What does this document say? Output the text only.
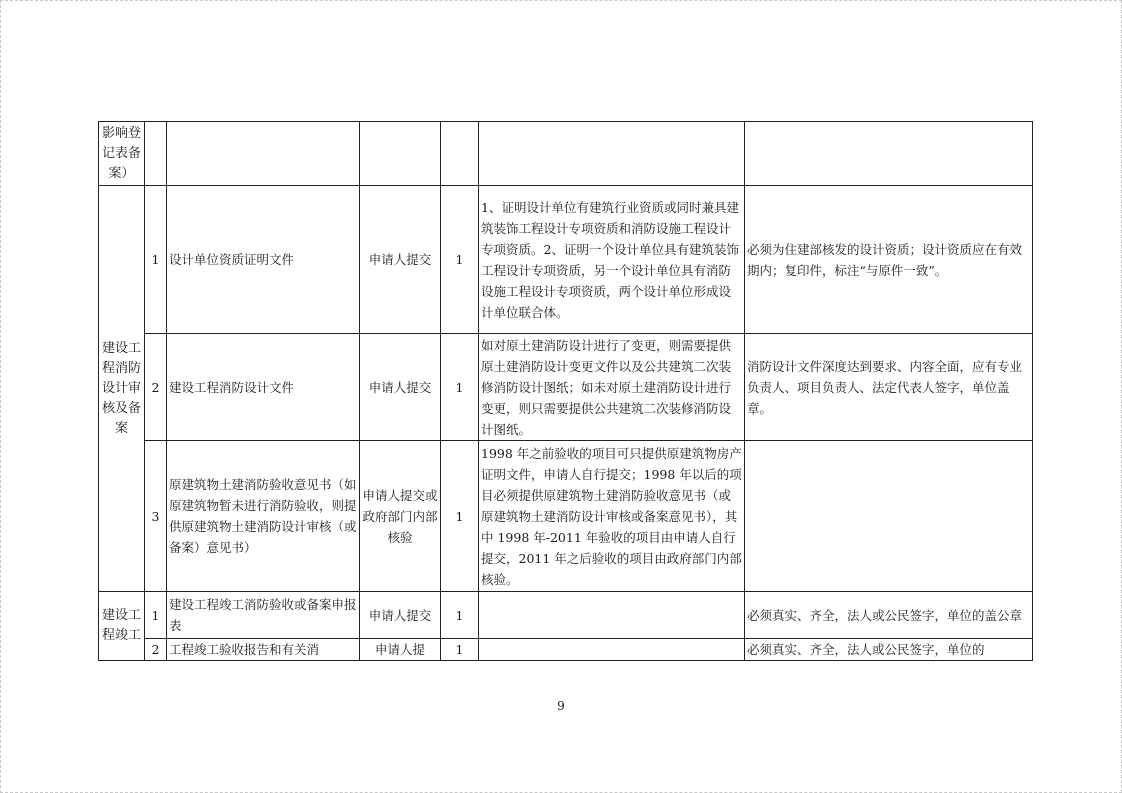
影响登记表备案）						
建设工程消防设计审核及备案	1	设计单位资质证明文件	申请人提交	1	1、证明设计单位有建筑行业资质或同时兼具建筑装饰工程设计专项资质和消防设施工程设计专项资质。2、证明一个设计单位具有建筑装饰工程设计专项资质，另一个设计单位具有消防设施工程设计专项资质，两个设计单位形成设计单位联合体。	必须为住建部核发的设计资质；设计资质应在有效期内；复印件，标注“与原件一致”。
	2	建设工程消防设计文件	申请人提交	1	如对原土建消防设计进行了变更，则需要提供原土建消防设计变更文件以及公共建筑二次装修消防设计图纸；如未对原土建消防设计进行变更，则只需要提供公共建筑二次装修消防设计图纸。	消防设计文件深度达到要求、内容全面，应有专业负责人、项目负责人、法定代表人签字，单位盖章。
	3	原建筑物土建消防验收意见书（如原建筑物暂未进行消防验收，则提供原建筑物土建消防设计审核（或备案）意见书）	申请人提交或政府部门内部核验	1	1998 年之前验收的项目可只提供原建筑物房产证明文件，申请人自行提交；1998 年以后的项目必须提供原建筑物土建消防验收意见书（或原建筑物土建消防设计审核或备案意见书），其中 1998 年-2011 年验收的项目由申请人自行提交，2011 年之后验收的项目由政府部门内部核验。	
建设工程竣工	1	建设工程竣工消防验收或备案申报表	申请人提交	1		必须真实、齐全，法人或公民签字，单位的盖公章
	2	工程竣工验收报告和有关消	申请人提	1		必须真实、齐全，法人或公民签字，单位的
9
